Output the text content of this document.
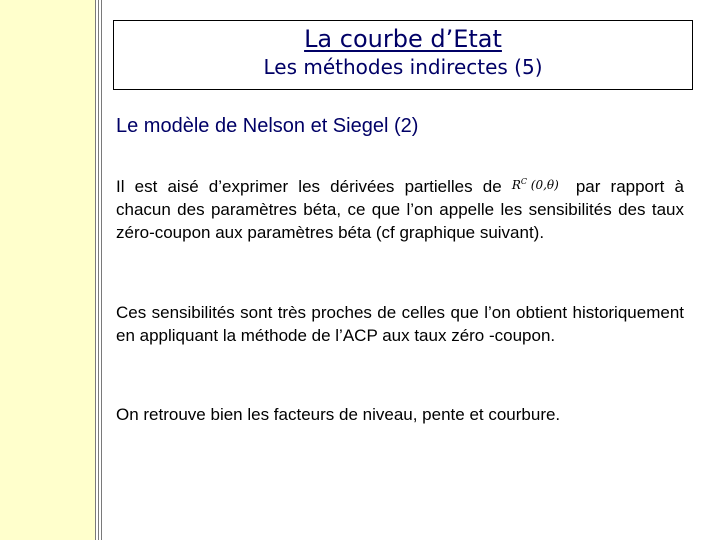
La courbe d’Etat
Les méthodes indirectes (5)
Le modèle de Nelson et Siegel (2)

Il est aisé d’exprimer les dérivées partielles de $R^C$ (0,θ) par rapport à chacun des paramètres béta, ce que l’on appelle les sensibilités des taux zéro-coupon aux paramètres béta (cf graphique suivant).

Ces sensibilités sont très proches de celles que l’on obtient historiquement en appliquant la méthode de l’ACP aux taux zéro -coupon.

On retrouve bien les facteurs de niveau, pente et courbure.
